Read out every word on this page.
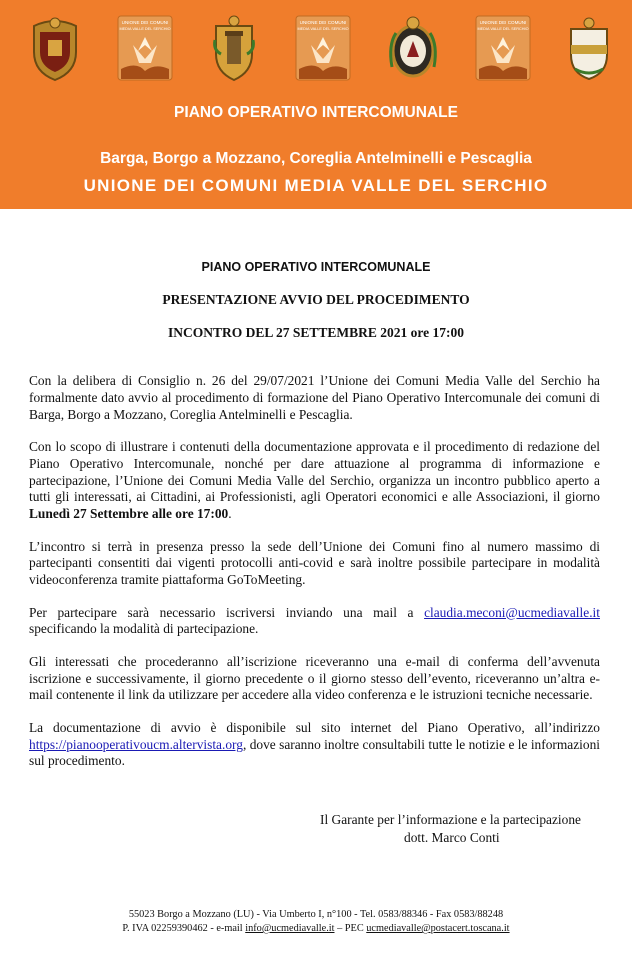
UNIONE DEI COMUNI
MEDIA VALLE DEL SERCHIO
UNIONE DEI COMUNI
MEDIA VALLE DEL SERCHIO
UNIONE DEI COMUNI
MEDIA VALLE DEL SERCHIO
PIANO OPERATIVO INTERCOMUNALE
Barga, Borgo a Mozzano, Coreglia Antelminelli e Pescaglia
UNIONE DEI COMUNI MEDIA VALLE DEL SERCHIO
PIANO OPERATIVO INTERCOMUNALE
PRESENTAZIONE AVVIO DEL PROCEDIMENTO
INCONTRO DEL 27 SETTEMBRE 2021 ore 17:00

Con la delibera di Consiglio n. 26 del 29/07/2021 l’Unione dei Comuni Media Valle del Serchio ha formalmente dato avvio al procedimento di formazione del Piano Operativo Intercomunale dei comuni di Barga, Borgo a Mozzano, Coreglia Antelminelli e Pescaglia.

Con lo scopo di illustrare i contenuti della documentazione approvata e il procedimento di redazione del Piano Operativo Intercomunale, nonché per dare attuazione al programma di informazione e partecipazione, l’Unione dei Comuni Media Valle del Serchio, organizza un incontro pubblico aperto a tutti gli interessati, ai Cittadini, ai Professionisti, agli Operatori economici e alle Associazioni, il giorno Lunedì 27 Settembre alle ore 17:00.

L’incontro si terrà in presenza presso la sede dell’Unione dei Comuni fino al numero massimo di partecipanti consentiti dai vigenti protocolli anti-covid e sarà inoltre possibile partecipare in modalità videoconferenza tramite piattaforma GoToMeeting.

Per partecipare sarà necessario iscriversi inviando una mail a claudia.meconi@ucmediavalle.it specificando la modalità di partecipazione.

Gli interessati che procederanno all’iscrizione riceveranno una e-mail di conferma dell’avvenuta iscrizione e successivamente, il giorno precedente o il giorno stesso dell’evento, riceveranno un’altra e-mail contenente il link da utilizzare per accedere alla video conferenza e le istruzioni tecniche necessarie.

La documentazione di avvio è disponibile sul sito internet del Piano Operativo, all’indirizzo https://pianooperativoucm.altervista.org, dove saranno inoltre consultabili tutte le notizie e le informazioni sul procedimento.

Il Garante per l’informazione e la partecipazione
dott. Marco Conti
55023 Borgo a Mozzano (LU) - Via Umberto I, n°100 - Tel. 0583/88346 - Fax 0583/88248
P. IVA 02259390462 - e-mail info@ucmediavalle.it – PEC ucmediavalle@postacert.toscana.it
